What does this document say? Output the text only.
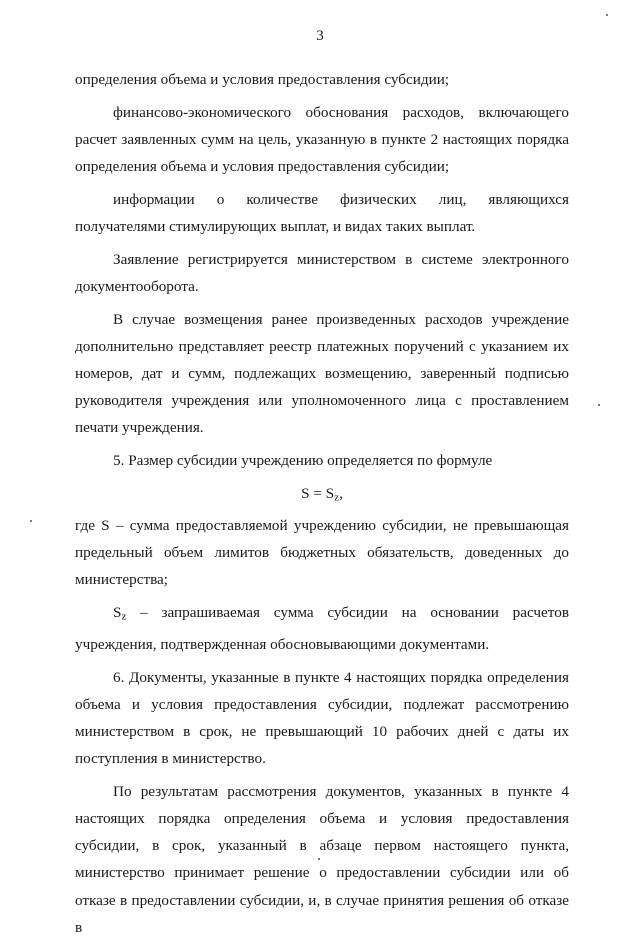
3

определения объема и условия предоставления субсидии;

финансово-экономического обоснования расходов, включающего расчет заявленных сумм на цель, указанную в пункте 2 настоящих порядка определения объема и условия предоставления субсидии;

информации о количестве физических лиц, являющихся получателями стимулирующих выплат, и видах таких выплат.

Заявление регистрируется министерством в системе электронного документооборота.

В случае возмещения ранее произведенных расходов учреждение дополнительно представляет реестр платежных поручений с указанием их номеров, дат и сумм, подлежащих возмещению, заверенный подписью руководителя учреждения или уполномоченного лица с проставлением печати учреждения.

5. Размер субсидии учреждению определяется по формуле

$S = S_z$,

где S – сумма предоставляемой учреждению субсидии, не превышающая предельный объем лимитов бюджетных обязательств, доведенных до министерства;

$S_z$ – запрашиваемая сумма субсидии на основании расчетов учреждения, подтвержденная обосновывающими документами.

6. Документы, указанные в пункте 4 настоящих порядка определения объема и условия предоставления субсидии, подлежат рассмотрению министерством в срок, не превышающий 10 рабочих дней с даты их поступления в министерство.

По результатам рассмотрения документов, указанных в пункте 4 настоящих порядка определения объема и условия предоставления субсидии, в срок, указанный в абзаце первом настоящего пункта, министерство принимает решение о предоставлении субсидии или об отказе в предоставлении субсидии, и, в случае принятия решения об отказе в
